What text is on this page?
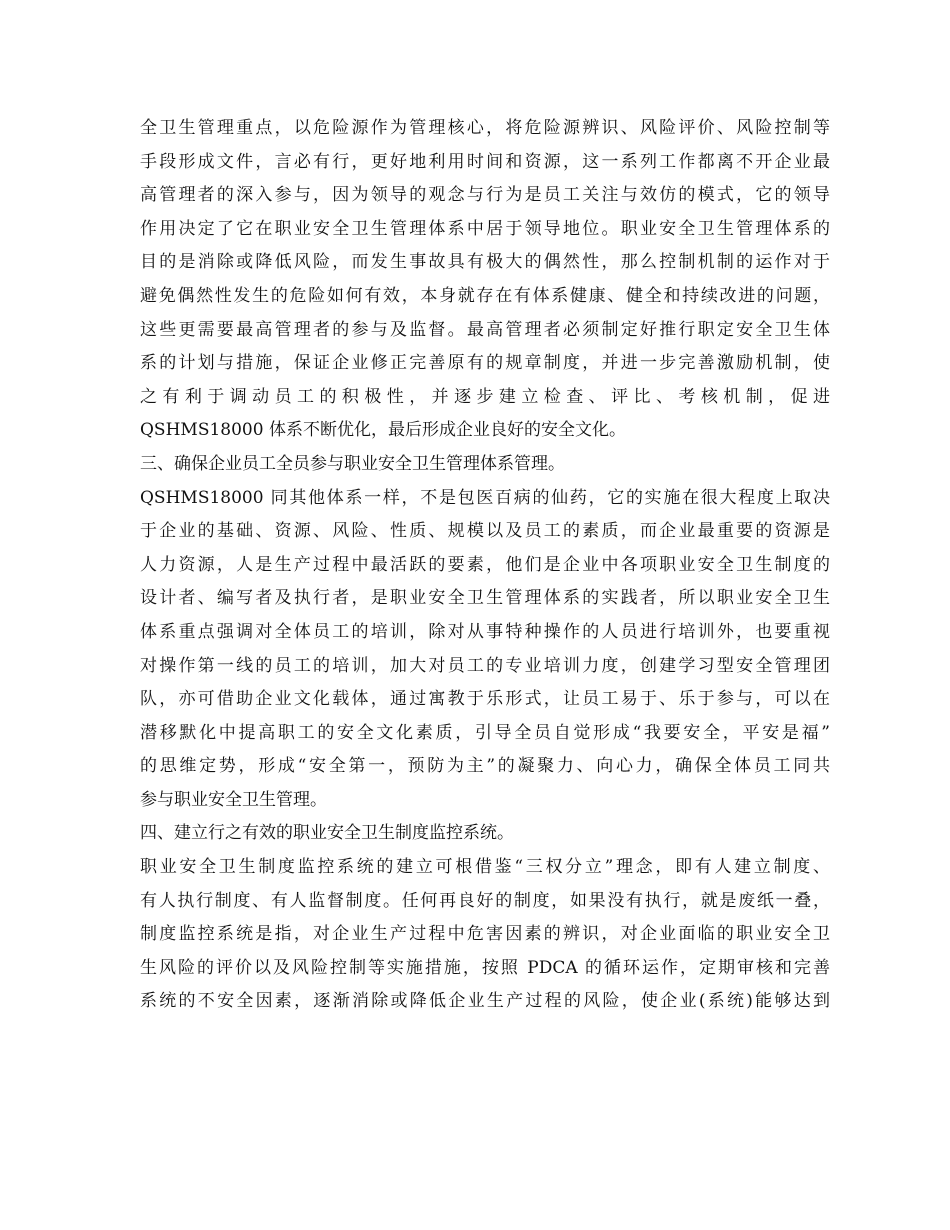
全卫生管理重点，以危险源作为管理核心，将危险源辨识、风险评价、风险控制等
手段形成文件，言必有行，更好地利用时间和资源，这一系列工作都离不开企业最
高管理者的深入参与，因为领导的观念与行为是员工关注与效仿的模式，它的领导
作用决定了它在职业安全卫生管理体系中居于领导地位。职业安全卫生管理体系的
目的是消除或降低风险，而发生事故具有极大的偶然性，那么控制机制的运作对于
避免偶然性发生的危险如何有效，本身就存在有体系健康、健全和持续改进的问题，
这些更需要最高管理者的参与及监督。最高管理者必须制定好推行职定安全卫生体
系的计划与措施，保证企业修正完善原有的规章制度，并进一步完善激励机制，使
之有利于调动员工的积极性，并逐步建立检查、评比、考核机制，促进
QSHMS18000 体系不断优化，最后形成企业良好的安全文化。
三、确保企业员工全员参与职业安全卫生管理体系管理。
QSHMS18000 同其他体系一样，不是包医百病的仙药，它的实施在很大程度上取决
于企业的基础、资源、风险、性质、规模以及员工的素质，而企业最重要的资源是
人力资源，人是生产过程中最活跃的要素，他们是企业中各项职业安全卫生制度的
设计者、编写者及执行者，是职业安全卫生管理体系的实践者，所以职业安全卫生
体系重点强调对全体员工的培训，除对从事特种操作的人员进行培训外，也要重视
对操作第一线的员工的培训，加大对员工的专业培训力度，创建学习型安全管理团
队，亦可借助企业文化载体，通过寓教于乐形式，让员工易于、乐于参与，可以在
潜移默化中提高职工的安全文化素质，引导全员自觉形成“我要安全，平安是福”
的思维定势，形成“安全第一，预防为主”的凝聚力、向心力，确保全体员工同共
参与职业安全卫生管理。
四、建立行之有效的职业安全卫生制度监控系统。
职业安全卫生制度监控系统的建立可根借鉴“三权分立”理念，即有人建立制度、
有人执行制度、有人监督制度。任何再良好的制度，如果没有执行，就是废纸一叠，
制度监控系统是指，对企业生产过程中危害因素的辨识，对企业面临的职业安全卫
生风险的评价以及风险控制等实施措施，按照 PDCA 的循环运作，定期审核和完善
系统的不安全因素，逐渐消除或降低企业生产过程的风险，使企业(系统)能够达到
